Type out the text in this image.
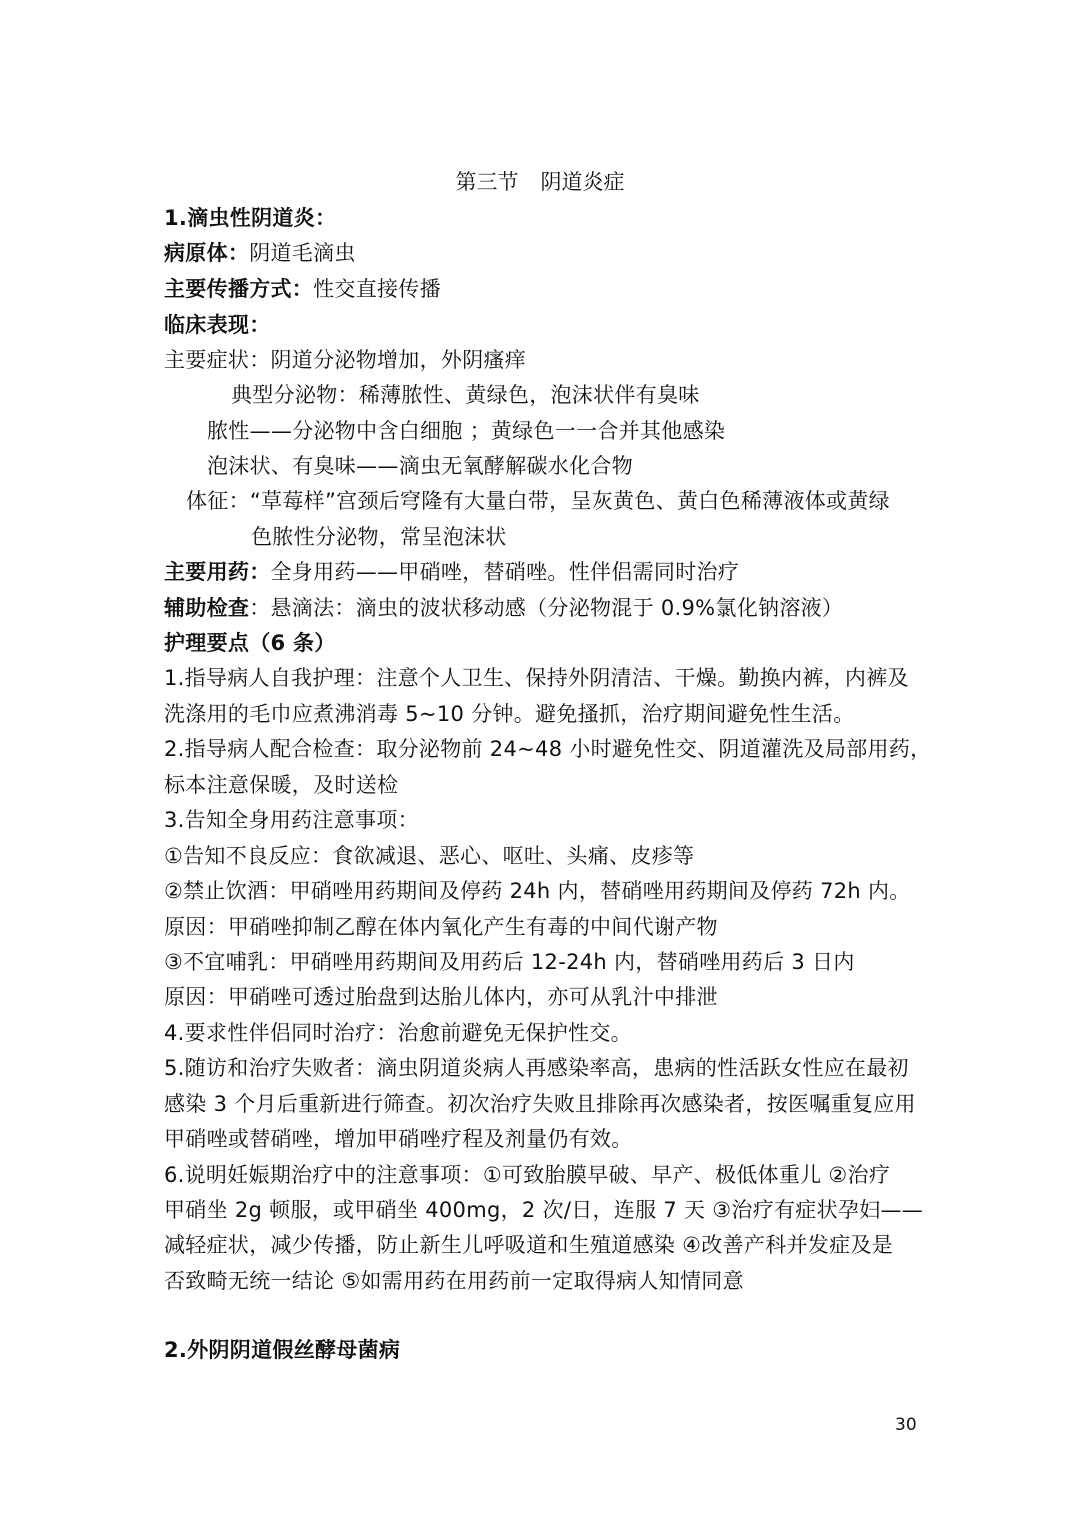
第三节 阴道炎症
1.滴虫性阴道炎：
病原体：阴道毛滴虫
主要传播方式：性交直接传播
临床表现：
主要症状：阴道分泌物增加，外阴瘙痒
典型分泌物：稀薄脓性、黄绿色，泡沫状伴有臭味
脓性——分泌物中含白细胞 ；黄绿色一一合并其他感染
泡沫状、有臭味——滴虫无氧酵解碳水化合物
体征：“草莓样”宫颈后穹隆有大量白带，呈灰黄色、黄白色稀薄液体或黄绿
色脓性分泌物，常呈泡沫状
主要用药：全身用药——甲硝唑，替硝唑。性伴侣需同时治疗
辅助检查：悬滴法：滴虫的波状移动感（分泌物混于 0.9%氯化钠溶液）
护理要点（6 条）
1.指导病人自我护理：注意个人卫生、保持外阴清洁、干燥。勤换内裤，内裤及
洗涤用的毛巾应煮沸消毒 5~10 分钟。避免搔抓，治疗期间避免性生活。
2.指导病人配合检查：取分泌物前 24~48 小时避免性交、阴道灌洗及局部用药，
标本注意保暖，及时送检
3.告知全身用药注意事项：
①告知不良反应：食欲减退、恶心、呕吐、头痛、皮疹等
②禁止饮酒：甲硝唑用药期间及停药 24h 内，替硝唑用药期间及停药 72h 内。
原因：甲硝唑抑制乙醇在体内氧化产生有毒的中间代谢产物
③不宜哺乳：甲硝唑用药期间及用药后 12-24h 内，替硝唑用药后 3 日内
原因：甲硝唑可透过胎盘到达胎儿体内，亦可从乳汁中排泄
4.要求性伴侣同时治疗：治愈前避免无保护性交。
5.随访和治疗失败者：滴虫阴道炎病人再感染率高，患病的性活跃女性应在最初
感染 3 个月后重新进行筛查。初次治疗失败且排除再次感染者，按医嘱重复应用
甲硝唑或替硝唑，增加甲硝唑疗程及剂量仍有效。
6.说明妊娠期治疗中的注意事项：①可致胎膜早破、早产、极低体重儿 ②治疗
甲硝坐 2g 顿服，或甲硝坐 400mg，2 次/日，连服 7 天 ③治疗有症状孕妇——
减轻症状，减少传播，防止新生儿呼吸道和生殖道感染 ④改善产科并发症及是
否致畸无统一结论 ⑤如需用药在用药前一定取得病人知情同意
2.外阴阴道假丝酵母菌病
30
